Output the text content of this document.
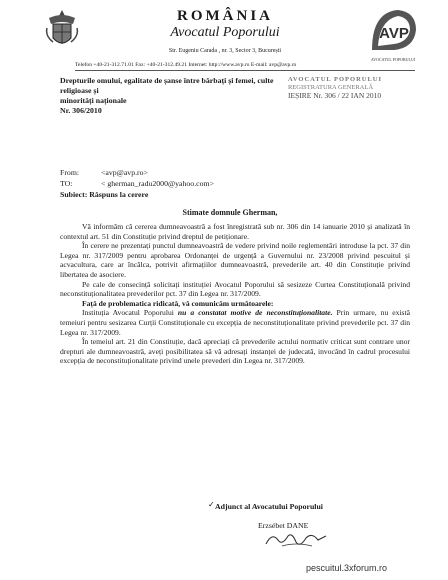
ROMÂNIA
Avocatul Poporului
Str. Eugeniu Carada , nr. 3, Sector 3, București
AVP
AVOCATUL POPORULUI
Telefon +40-21-312.71.01 Fax: +40-21-312.49.21 Internet: http://www.avp.ro E-mail: avp@avp.ro
Drepturile omului, egalitate de șanse între bărbați și femei, culte religioase și
minorități naționale
Nr. 306/2010
AVOCATUL POPORULUI
REGISTRATURA GENERALĂ
IEȘIRE Nr. 306 / 22 IAN 2010
From:	<avp@avp.ro>
TO:	< gherman_radu2000@yahoo.com>
Subiect: Răspuns la cerere
Stimate domnule Gherman,

Vă informăm că cererea dumneavoastră a fost înregistrată sub nr. 306 din 14 ianuarie 2010 și analizată în contextul art. 51 din Constituție privind dreptul de petiționare.

În cerere ne prezentați punctul dumneavoastră de vedere privind noile reglementări introduse la pct. 37 din Legea nr. 317/2009 pentru aprobarea Ordonanței de urgență a Guvernului nr. 23/2008 privind pescuitul și acvacultura, care ar încălca, potrivit afirmațiilor dumneavoastră, prevederile art. 40 din Constituție privind libertatea de asociere.

Pe cale de consecință solicitați instituției Avocatul Poporului să sesizeze Curtea Constituțională privind neconstituționalitatea prevederilor pct. 37 din Legea nr. 317/2009.

Față de problematica ridicată, vă comunicăm următoarele:

Instituția Avocatul Poporului nu a constatat motive de neconstituționalitate. Prin urmare, nu există temeiuri pentru sesizarea Curții Constituționale cu excepția de neconstituționalitate privind prevederile pct. 37 din Legea nr. 317/2009.

În temeiul art. 21 din Constituție, dacă apreciați că prevederile actului normativ criticat sunt contrare unor drepturi ale dumneavoastră, aveți posibilitatea să vă adresați instanței de judecată, invocând în cadrul procesului excepția de neconstituționalitate privind unele prevederi din Legea nr. 317/2009.

✓ Adjunct al Avocatului Poporului
Erzsébet DANE
pescuitul.3xforum.ro
